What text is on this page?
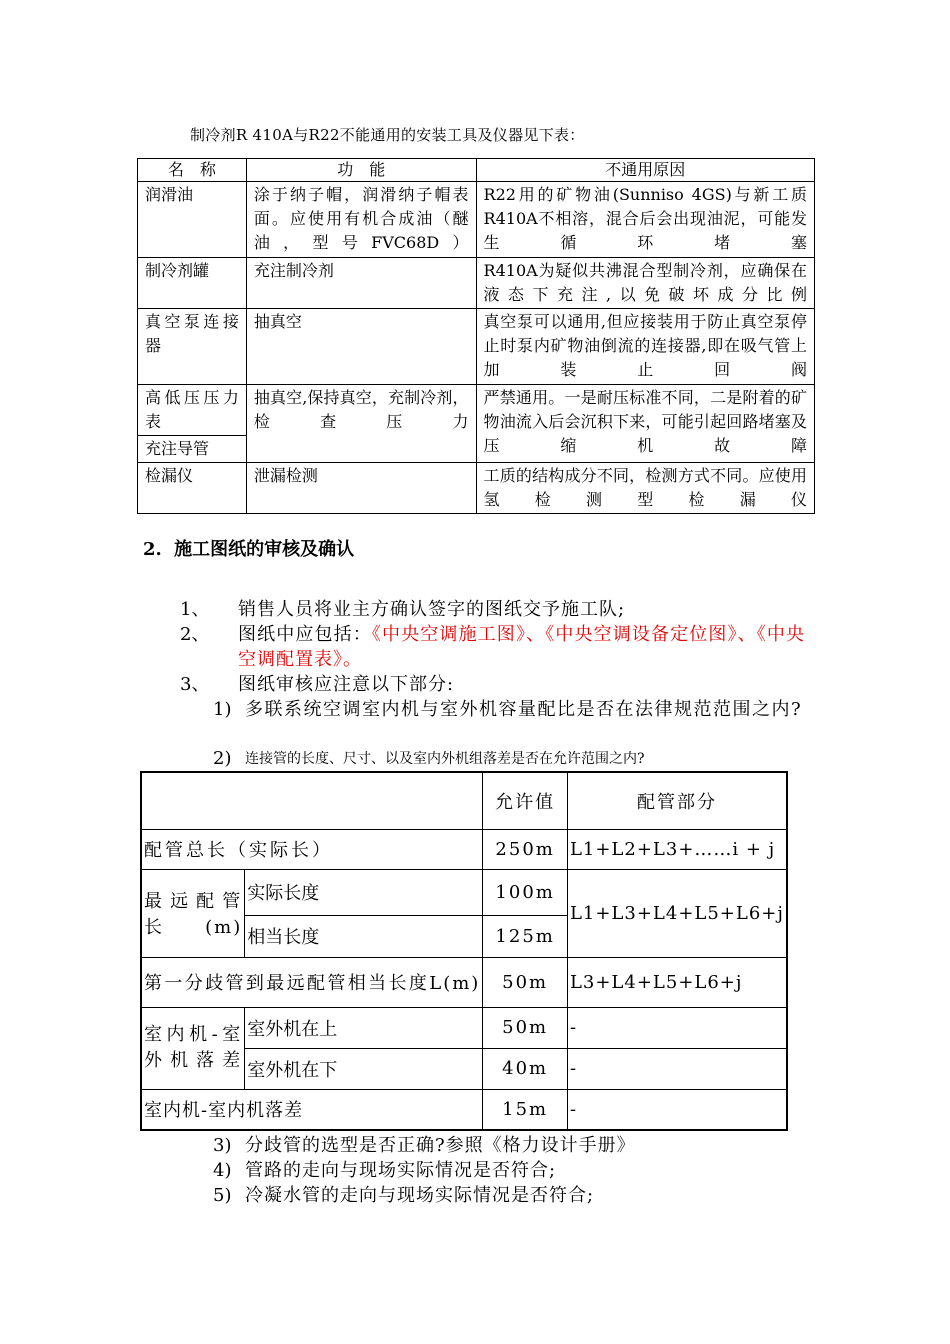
制冷剂R 410A与R22不能通用的安装工具及仪器见下表：
名　称	功　能	不通用原因
润滑油	涂于纳子帽，润滑纳子帽表面。应使用有机合成油（醚油，型号FVC68D）	R22用的矿物油(Sunniso 4GS)与新工质R410A不相溶，混合后会出现油泥，可能发生循环堵塞
制冷剂罐	充注制冷剂	R410A为疑似共沸混合型制冷剂，应确保在液态下充注,以免破坏成分比例
真空泵连接器	抽真空	真空泵可以通用,但应接装用于防止真空泵停止时泵内矿物油倒流的连接器,即在吸气管上加装止回阀
高低压压力表	抽真空,保持真空，充制冷剂，检查压力	严禁通用。一是耐压标准不同，二是附着的矿物油流入后会沉积下来，可能引起回路堵塞及压缩机故障
充注导管		
检漏仪	泄漏检测	工质的结构成分不同，检测方式不同。应使用氢检测型检漏仪
2. 施工图纸的审核及确认
1、 销售人员将业主方确认签字的图纸交予施工队;
2、 图纸中应包括：《中央空调施工图》、《中央空调设备定位图》、《中央空调配置表》。
3、 图纸审核应注意以下部分:
1) 多联系统空调室内机与室外机容量配比是否在法律规范范围之内?
2) 连接管的长度、尺寸、以及室内外机组落差是否在允许范围之内?
		允许值	配管部分
配管总长（实际长）		250m	L1+L2+L3+……i + j
最远配管长(m)	实际长度	100m	L1+L3+L4+L5+L6+j
	相当长度	125m	
第一分歧管到最远配管相当长度L(m)		50m	L3+L4+L5+L6+j
室内机-室外机落差	室外机在上	50m	-
	室外机在下	40m	-
室内机-室内机落差		15m	-
3) 分歧管的选型是否正确?参照《格力设计手册》
4) 管路的走向与现场实际情况是否符合;
5) 冷凝水管的走向与现场实际情况是否符合;
